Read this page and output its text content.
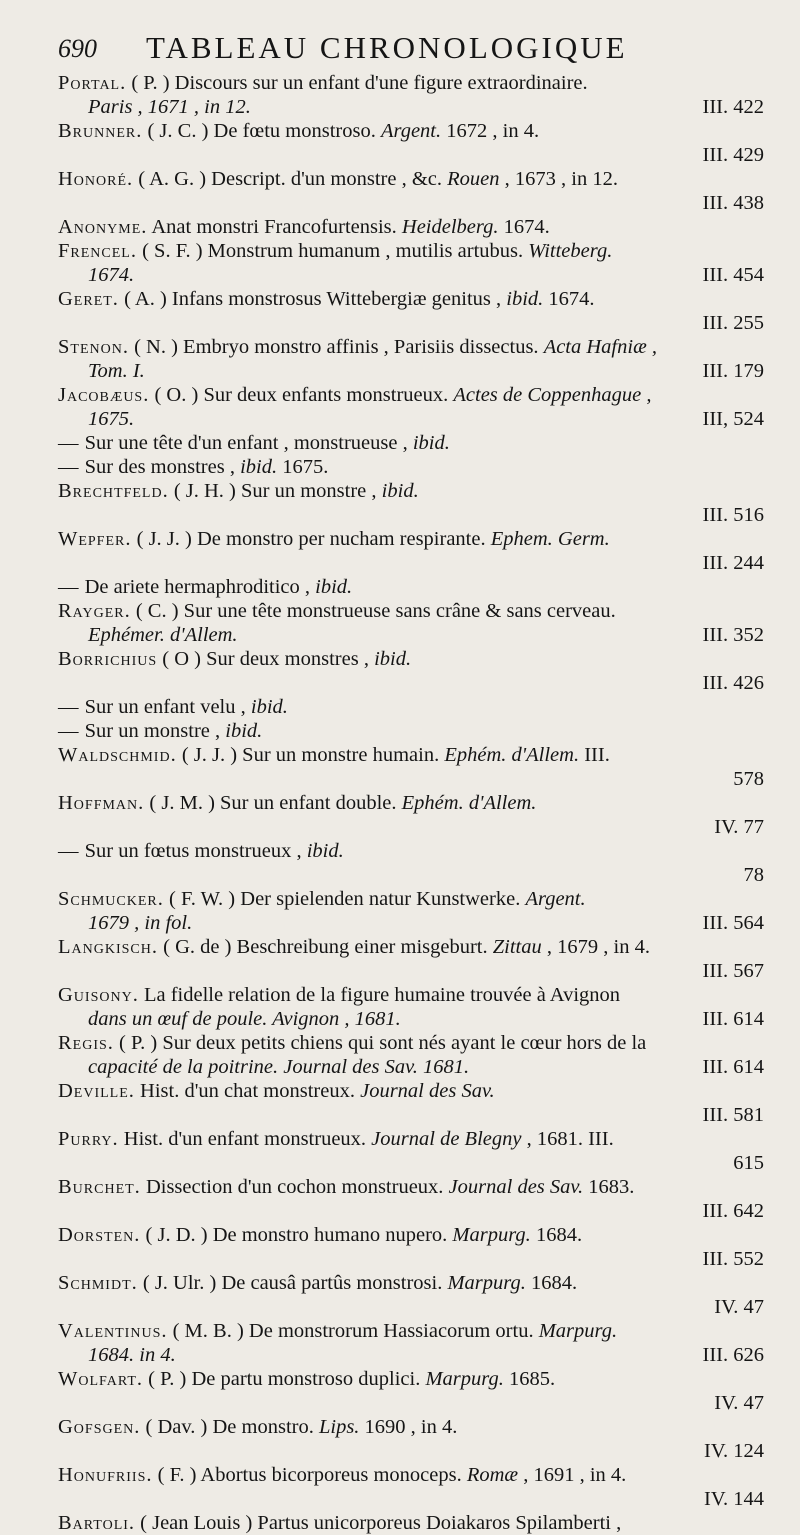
690 TABLEAU CHRONOLOGIQUE
Portal. ( P. ) Discours sur un enfant d'une figure extraordinaire.
Paris , 1671 , in 12.	III. 422
Brunner. ( J. C. ) De fœtu monstroso. Argent. 1672 , in 4.
III. 429
Honoré. ( A. G. ) Descript. d'un monstre , &c. Rouen , 1673 , in 12.
III. 438
Anonyme. Anat monstri Francofurtensis. Heidelberg. 1674.
Frencel. ( S. F. ) Monstrum humanum , mutilis artubus. Witteberg.
1674.	III. 454
Geret. ( A. ) Infans monstrosus Wittebergiæ genitus , ibid. 1674.
III. 255
Stenon. ( N. ) Embryo monstro affinis , Parisiis dissectus. Acta Hafniæ ,
Tom. I.	III. 179
Jacobæus. ( O. ) Sur deux enfants monstrueux. Actes de Coppenhague ,
1675.	III, 524
— Sur une tête d'un enfant , monstrueuse , ibid.
— Sur des monstres , ibid. 1675.
Brechtfeld. ( J. H. ) Sur un monstre , ibid.
III. 516
Wepfer. ( J. J. ) De monstro per nucham respirante. Ephem. Germ.
III. 244
— De ariete hermaphroditico , ibid.
Rayger. ( C. ) Sur une tête monstrueuse sans crâne & sans cerveau.
Ephémer. d'Allem.	III. 352
Borrichius ( O ) Sur deux monstres , ibid.
III. 426
— Sur un enfant velu , ibid.
— Sur un monstre , ibid.
Waldschmid. ( J. J. ) Sur un monstre humain. Ephém. d'Allem. III.
578
Hoffman. ( J. M. ) Sur un enfant double. Ephém. d'Allem.
IV. 77
— Sur un fœtus monstrueux , ibid.
78
Schmucker. ( F. W. ) Der spielenden natur Kunstwerke. Argent.
1679 , in fol.	III. 564
Langkisch. ( G. de ) Beschreibung einer misgeburt. Zittau , 1679 , in 4.
III. 567
Guisony. La fidelle relation de la figure humaine trouvée à Avignon
dans un œuf de poule. Avignon , 1681.	III. 614
Regis. ( P. ) Sur deux petits chiens qui sont nés ayant le cœur hors de la
capacité de la poitrine. Journal des Sav. 1681.	III. 614
Deville. Hist. d'un chat monstreux. Journal des Sav.
III. 581
Purry. Hist. d'un enfant monstrueux. Journal de Blegny , 1681. III.
615
Burchet. Dissection d'un cochon monstrueux. Journal des Sav. 1683.
III. 642
Dorsten. ( J. D. ) De monstro humano nupero. Marpurg. 1684.
III. 552
Schmidt. ( J. Ulr. ) De causâ partûs monstrosi. Marpurg. 1684.
IV. 47
Valentinus. ( M. B. ) De monstrorum Hassiacorum ortu. Marpurg.
1684. in 4.	III. 626
Wolfart. ( P. ) De partu monstroso duplici. Marpurg. 1685.
IV. 47
Gofsgen. ( Dav. ) De monstro. Lips. 1690 , in 4.
IV. 124
Honufriis. ( F. ) Abortus bicorporeus monoceps. Romæ , 1691 , in 4.
IV. 144
Bartoli. ( Jean Louis ) Partus unicorporeus Doiakaros Spilamberti ,
